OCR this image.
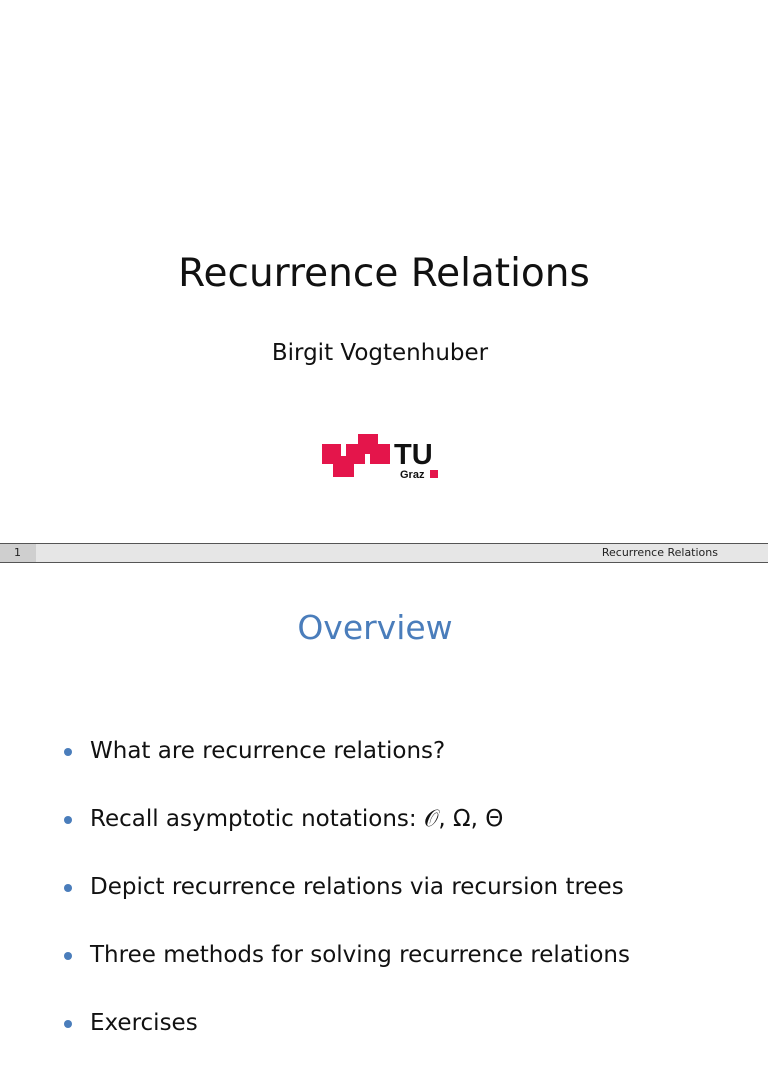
Recurrence Relations
Birgit Vogtenhuber
TU
Graz
1	Recurrence Relations
Overview
What are recurrence relations?
Recall asymptotic notations: 𝒪, Ω, Θ
Depict recurrence relations via recursion trees
Three methods for solving recurrence relations
Exercises
